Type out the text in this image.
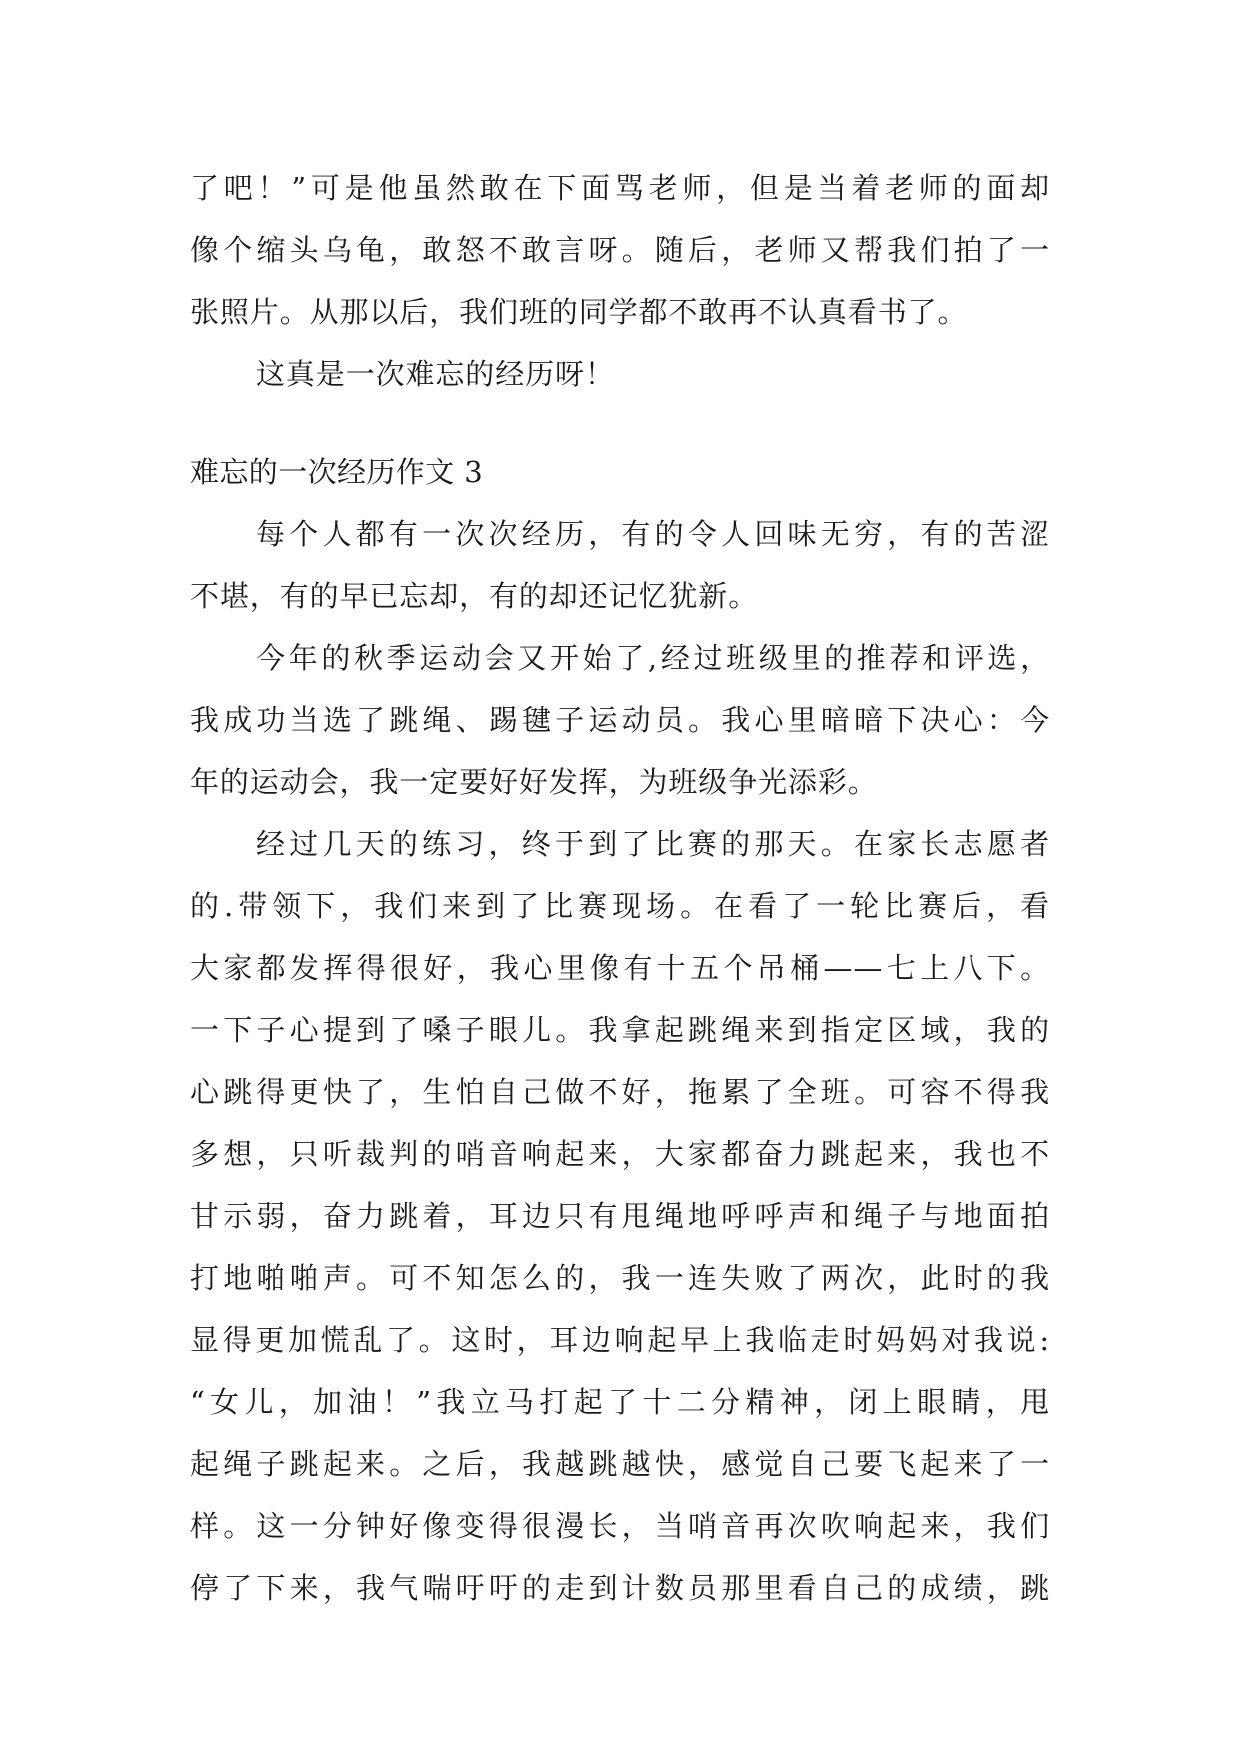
了吧！”可是他虽然敢在下面骂老师，但是当着老师的面却
像个缩头乌龟，敢怒不敢言呀。随后，老师又帮我们拍了一
张照片。从那以后，我们班的同学都不敢再不认真看书了。
这真是一次难忘的经历呀！
难忘的一次经历作文 3
每个人都有一次次经历，有的令人回味无穷，有的苦涩
不堪，有的早已忘却，有的却还记忆犹新。
今年的秋季运动会又开始了,经过班级里的推荐和评选，
我成功当选了跳绳、踢毽子运动员。我心里暗暗下决心：今
年的运动会，我一定要好好发挥，为班级争光添彩。
经过几天的练习，终于到了比赛的那天。在家长志愿者
的.带领下，我们来到了比赛现场。在看了一轮比赛后，看
大家都发挥得很好，我心里像有十五个吊桶——七上八下。
一下子心提到了嗓子眼儿。我拿起跳绳来到指定区域，我的
心跳得更快了，生怕自己做不好，拖累了全班。可容不得我
多想，只听裁判的哨音响起来，大家都奋力跳起来，我也不
甘示弱，奋力跳着，耳边只有甩绳地呼呼声和绳子与地面拍
打地啪啪声。可不知怎么的，我一连失败了两次，此时的我
显得更加慌乱了。这时，耳边响起早上我临走时妈妈对我说:
“女儿，加油！”我立马打起了十二分精神，闭上眼睛，甩
起绳子跳起来。之后，我越跳越快，感觉自己要飞起来了一
样。这一分钟好像变得很漫长，当哨音再次吹响起来，我们
停了下来，我气喘吁吁的走到计数员那里看自己的成绩，跳
